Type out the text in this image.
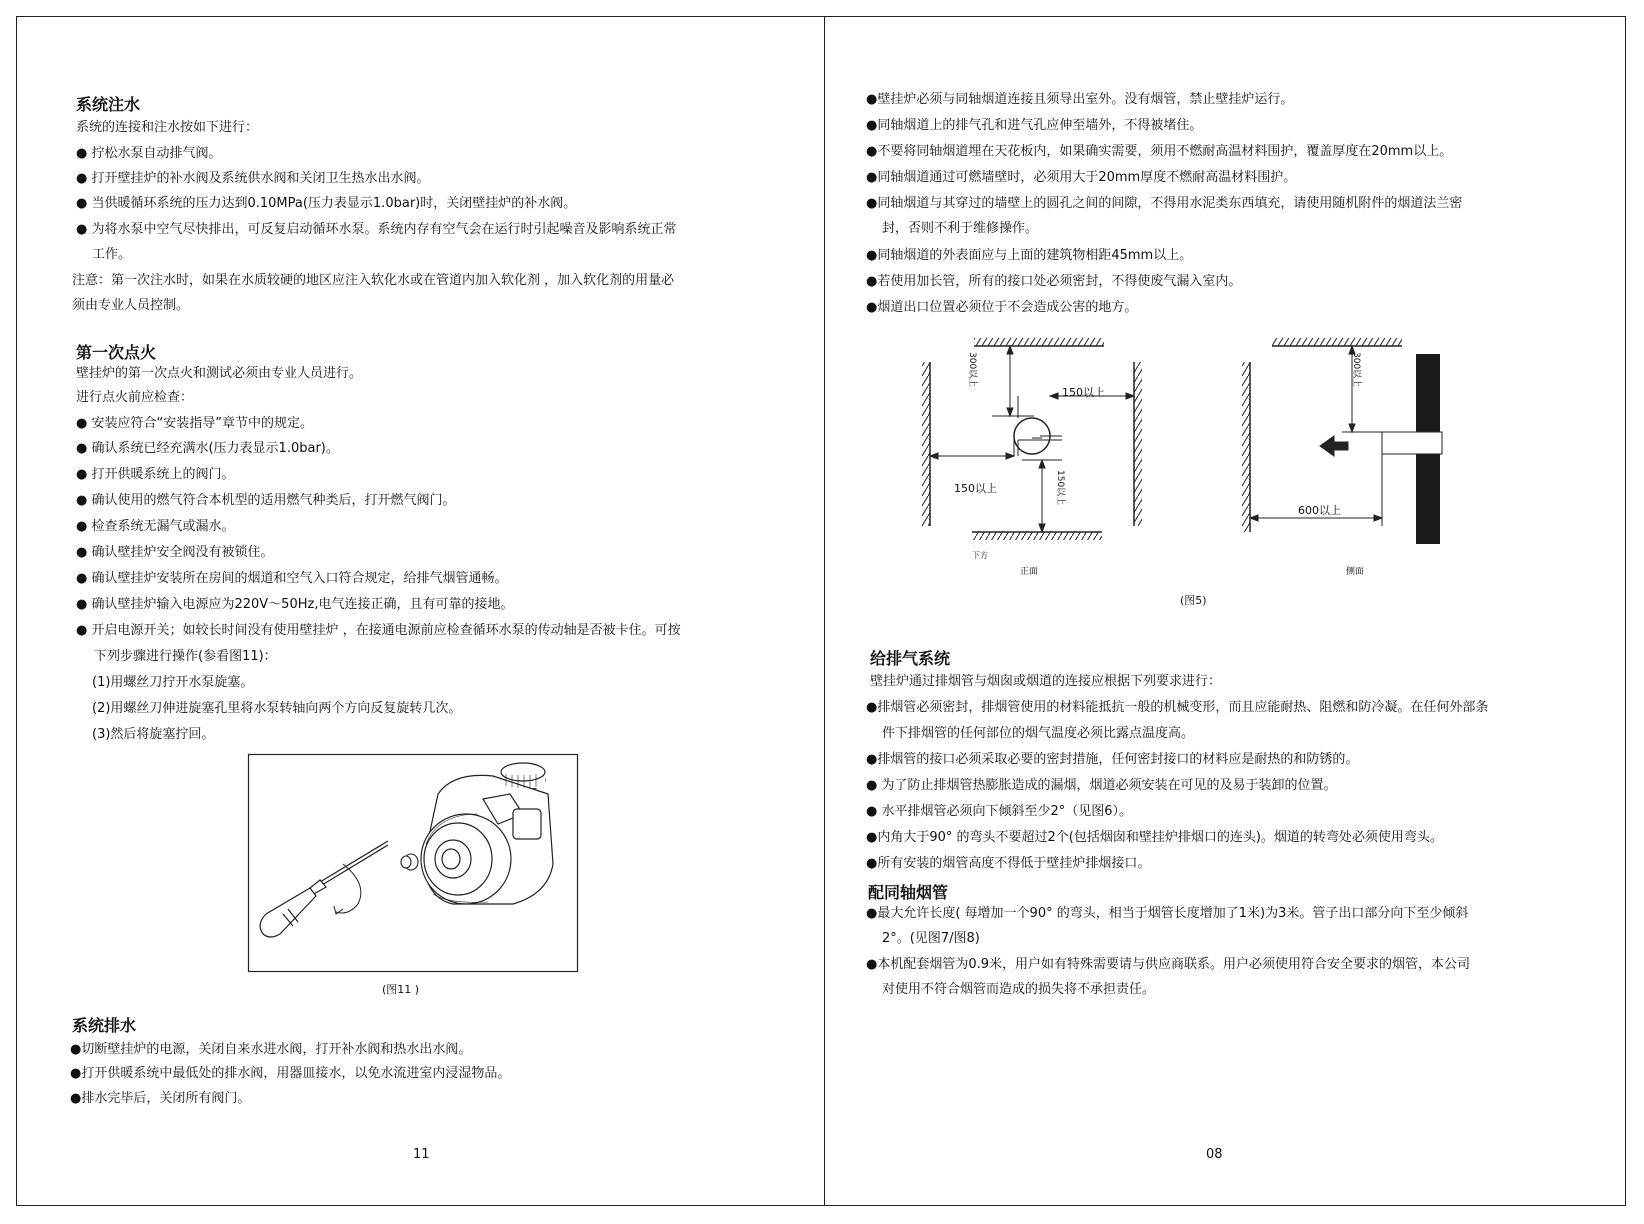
系统注水
系统的连接和注水按如下进行：
● 拧松水泵自动排气阀。
● 打开壁挂炉的补水阀及系统供水阀和关闭卫生热水出水阀。
● 当供暖循环系统的压力达到0.10MPa(压力表显示1.0bar)时，关闭壁挂炉的补水阀。
● 为将水泵中空气尽快排出，可反复启动循环水泵。系统内存有空气会在运行时引起噪音及影响系统正常
工作。
注意：第一次注水时，如果在水质较硬的地区应注入软化水或在管道内加入软化剂 ，加入软化剂的用量必
须由专业人员控制。
第一次点火
壁挂炉的第一次点火和测试必须由专业人员进行。
进行点火前应检查：
● 安装应符合“安装指导”章节中的规定。
● 确认系统已经充满水(压力表显示1.0bar)。
● 打开供暖系统上的阀门。
● 确认使用的燃气符合本机型的适用燃气种类后，打开燃气阀门。
● 检查系统无漏气或漏水。
● 确认壁挂炉安全阀没有被锁住。
● 确认壁挂炉安装所在房间的烟道和空气入口符合规定，给排气烟管通畅。
● 确认壁挂炉输入电源应为220V～50Hz,电气连接正确，且有可靠的接地。
● 开启电源开关；如较长时间没有使用壁挂炉 ，在接通电源前应检查循环水泵的传动轴是否被卡住。可按
下列步骤进行操作(参看图11)：
(1)用螺丝刀拧开水泵旋塞。
(2)用螺丝刀伸进旋塞孔里将水泵转轴向两个方向反复旋转几次。
(3)然后将旋塞拧回。
(图11 )
系统排水
●切断壁挂炉的电源，关闭自来水进水阀，打开补水阀和热水出水阀。
●打开供暖系统中最低处的排水阀，用器皿接水，以免水流进室内浸湿物品。
●排水完毕后，关闭所有阀门。
11
●壁挂炉必须与同轴烟道连接且须导出室外。没有烟管，禁止壁挂炉运行。
●同轴烟道上的排气孔和进气孔应伸至墙外，不得被堵住。
●不要将同轴烟道埋在天花板内，如果确实需要，须用不燃耐高温材料围护，覆盖厚度在20mm以上。
●同轴烟道通过可燃墙壁时，必须用大于20mm厚度不燃耐高温材料围护。
●同轴烟道与其穿过的墙壁上的圆孔之间的间隙，不得用水泥类东西填充，请使用随机附件的烟道法兰密
封，否则不利于维修操作。
●同轴烟道的外表面应与上面的建筑物相距45mm以上。
●若使用加长管，所有的接口处必须密封，不得使废气漏入室内。
●烟道出口位置必须位于不会造成公害的地方。
300以上
150以上
150以上	150以上
下方
正面
300以上
600以上
侧面
(图5)
给排气系统
壁挂炉通过排烟管与烟囱或烟道的连接应根据下列要求进行：
●排烟管必须密封，排烟管使用的材料能抵抗一般的机械变形，而且应能耐热、阻燃和防冷凝。在任何外部条
件下排烟管的任何部位的烟气温度必须比露点温度高。
●排烟管的接口必须采取必要的密封措施，任何密封接口的材料应是耐热的和防锈的。
● 为了防止排烟管热膨胀造成的漏烟，烟道必须安装在可见的及易于装卸的位置。
● 水平排烟管必须向下倾斜至少2°（见图6）。
●内角大于90° 的弯头不要超过2个(包括烟囱和壁挂炉排烟口的连头)。烟道的转弯处必须使用弯头。
●所有安装的烟管高度不得低于壁挂炉排烟接口。
配同轴烟管
●最大允许长度( 每增加一个90° 的弯头，相当于烟管长度增加了1米)为3米。管子出口部分向下至少倾斜
2°。(见图7/图8)
●本机配套烟管为0.9米，用户如有特殊需要请与供应商联系。用户必须使用符合安全要求的烟管，本公司
对使用不符合烟管而造成的损失将不承担责任。
08
